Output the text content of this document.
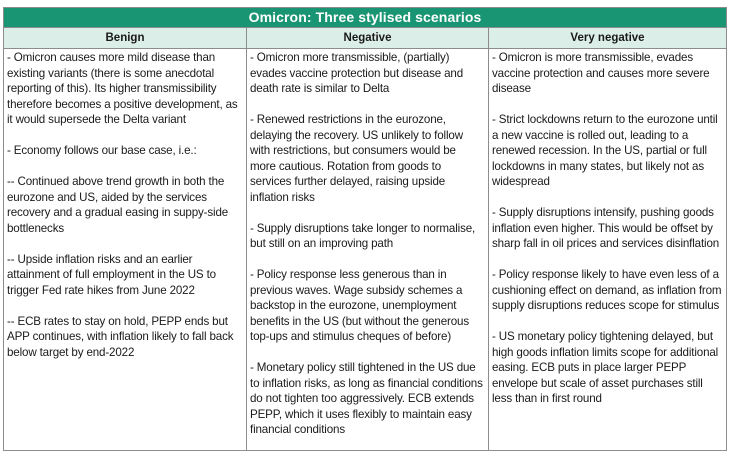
Omicron: Three stylised scenarios
Benign	Negative	Very negative

- Omicron causes more mild disease than existing variants (there is some anecdotal reporting of this). Its higher transmissibility therefore becomes a positive development, as it would supersede the Delta variant

- Economy follows our base case, i.e.:

-- Continued above trend growth in both the eurozone and US, aided by the services recovery and a gradual easing in suppy-side bottlenecks

-- Upside inflation risks and an earlier attainment of full employment in the US to trigger Fed rate hikes from June 2022

-- ECB rates to stay on hold, PEPP ends but APP continues, with inflation likely to fall back below target by end-2022

- Omicron more transmissible, (partially) evades vaccine protection but disease and death rate is similar to Delta

- Renewed restrictions in the eurozone, delaying the recovery. US unlikely to follow with restrictions, but consumers would be more cautious. Rotation from goods to services further delayed, raising upside inflation risks

- Supply disruptions take longer to normalise, but still on an improving path

- Policy response less generous than in previous waves. Wage subsidy schemes a backstop in the eurozone, unemployment benefits in the US (but without the generous top-ups and stimulus cheques of before)

- Monetary policy still tightened in the US due to inflation risks, as long as financial conditions do not tighten too aggressively. ECB extends PEPP, which it uses flexibly to maintain easy financial conditions

- Omicron is more transmissible, evades vaccine protection and causes more severe disease

- Strict lockdowns return to the eurozone until a new vaccine is rolled out, leading to a renewed recession. In the US, partial or full lockdowns in many states, but likely not as widespread

- Supply disruptions intensify, pushing goods inflation even higher. This would be offset by sharp fall in oil prices and services disinflation

- Policy response likely to have even less of a cushioning effect on demand, as inflation from supply disruptions reduces scope for stimulus

- US monetary policy tightening delayed, but high goods inflation limits scope for additional easing. ECB puts in place larger PEPP envelope but scale of asset purchases still less than in first round
